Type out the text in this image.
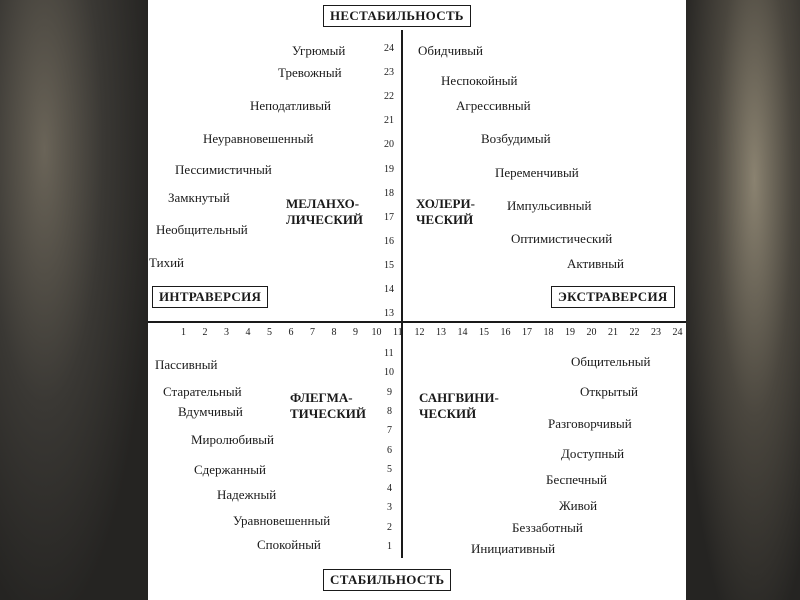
НЕСТАБИЛЬНОСТЬ
СТАБИЛЬНОСТЬ
ИНТРАВЕРСИЯ	ЭКСТРАВЕРСИЯ
МЕЛАНХО-
ЛИЧЕСКИЙ
ХОЛЕРИ-
ЧЕСКИЙ
ФЛЕГМА-
ТИЧЕСКИЙ
САНГВИНИ-
ЧЕСКИЙ
Угрюмый
Тревожный
Неподатливый
Неуравновешенный
Пессимистичный
Замкнутый
Необщительный
Тихий
Обидчивый
Неспокойный
Агрессивный
Возбудимый
Переменчивый
Импульсивный
Оптимистический
Активный
Пассивный
Старательный
Вдумчивый
Миролюбивый
Сдержанный
Надежный
Уравновешенный
Спокойный
Общительный
Открытый
Разговорчивый
Доступный
Беспечный
Живой
Беззаботный
Инициативный
24
23
22
21
20
19
18
17
16
15
14
13
11
10
9
8
7
6
5
4
3
2
1
1 2 3 4 5 6 7 8 9 10 11 12 13 14 15 16 17 18 19 20 21 22 23 24
